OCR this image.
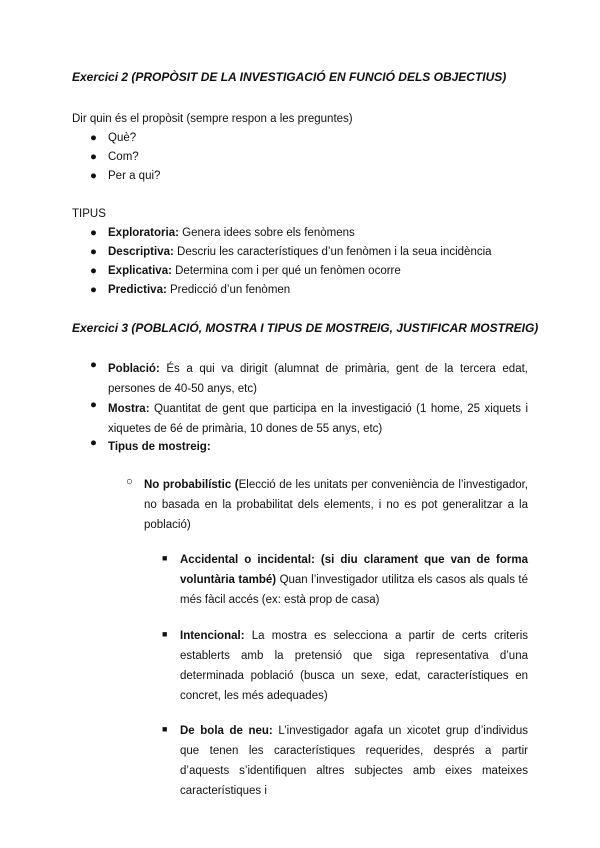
Exercici 2 (PROPÒSIT DE LA INVESTIGACIÓ EN FUNCIÓ DELS OBJECTIUS)
Dir quin és el propòsit (sempre respon a les preguntes)
● Què?
● Com?
● Per a qui?
TIPUS
● Exploratoria: Genera idees sobre els fenòmens
● Descriptiva: Descriu les característiques d’un fenòmen i la seua incidència
● Explicativa: Determina com i per qué un fenòmen ocorre
● Predictiva: Predicció d’un fenòmen
Exercici 3 (POBLACIÓ, MOSTRA I TIPUS DE MOSTREIG, JUSTIFICAR MOSTREIG)
● Població: És a qui va dirigit (alumnat de primària, gent de la tercera edat, persones de 40-50 anys, etc)
● Mostra: Quantitat de gent que participa en la investigació (1 home, 25 xiquets i xiquetes de 6é de primària, 10 dones de 55 anys, etc)
● Tipus de mostreig:
○ No probabilístic (Elecció de les unitats per conveniència de l’investigador, no basada en la probabilitat dels elements, i no es pot generalitzar a la població)
■ Accidental o incidental: (si diu clarament que van de forma voluntària també) Quan l’investigador utilitza els casos als quals té més fàcil accés (ex: està prop de casa)
■ Intencional: La mostra es selecciona a partir de certs criteris establerts amb la pretensió que siga representativa d’una determinada població (busca un sexe, edat, característiques en concret, les més adequades)
■ De bola de neu: L’investigador agafa un xicotet grup d’individus que tenen les característiques requerides, després a partir d’aquests s’identifiquen altres subjectes amb eixes mateixes característiques i
